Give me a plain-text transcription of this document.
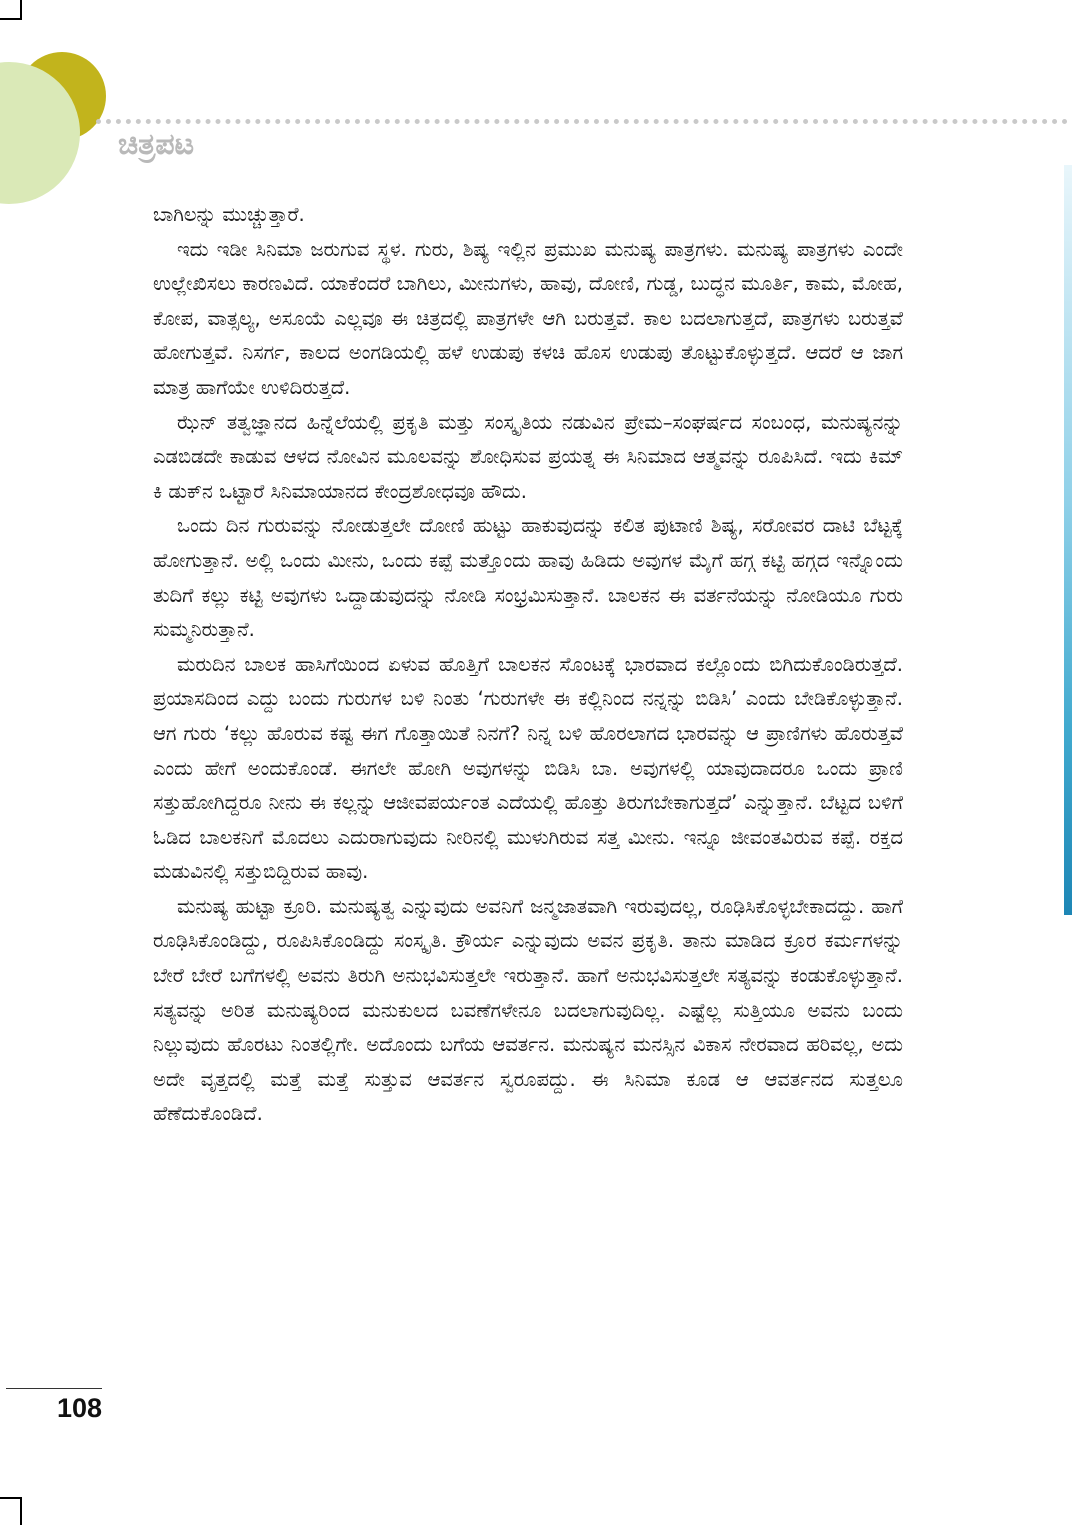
ಚಿತ್ರಪಟ

ಬಾಗಿಲನ್ನು ಮುಚ್ಚುತ್ತಾರೆ.

ಇದು ಇಡೀ ಸಿನಿಮಾ ಜರುಗುವ ಸ್ಥಳ. ಗುರು, ಶಿಷ್ಯ ಇಲ್ಲಿನ ಪ್ರಮುಖ ಮನುಷ್ಯ ಪಾತ್ರಗಳು. ಮನುಷ್ಯ ಪಾತ್ರಗಳು ಎಂದೇ ಉಲ್ಲೇಖಿಸಲು ಕಾರಣವಿದೆ. ಯಾಕೆಂದರೆ ಬಾಗಿಲು, ಮೀನುಗಳು, ಹಾವು, ದೋಣಿ, ಗುಡ್ಡ, ಬುದ್ಧನ ಮೂರ್ತಿ, ಕಾಮ, ಮೋಹ, ಕೋಪ, ವಾತ್ಸಲ್ಯ, ಅಸೂಯೆ ಎಲ್ಲವೂ ಈ ಚಿತ್ರದಲ್ಲಿ ಪಾತ್ರಗಳೇ ಆಗಿ ಬರುತ್ತವೆ. ಕಾಲ ಬದಲಾಗುತ್ತದೆ, ಪಾತ್ರಗಳು ಬರುತ್ತವೆ ಹೋಗುತ್ತವೆ. ನಿಸರ್ಗ, ಕಾಲದ ಅಂಗಡಿಯಲ್ಲಿ ಹಳೆ ಉಡುಪು ಕಳಚಿ ಹೊಸ ಉಡುಪು ತೊಟ್ಟುಕೊಳ್ಳುತ್ತದೆ. ಆದರೆ ಆ ಜಾಗ ಮಾತ್ರ ಹಾಗೆಯೇ ಉಳಿದಿರುತ್ತದೆ.

ಝೆನ್ ತತ್ವಜ್ಞಾನದ ಹಿನ್ನೆಲೆಯಲ್ಲಿ ಪ್ರಕೃತಿ ಮತ್ತು ಸಂಸ್ಕೃತಿಯ ನಡುವಿನ ಪ್ರೇಮ–ಸಂಘರ್ಷದ ಸಂಬಂಧ, ಮನುಷ್ಯನನ್ನು ಎಡಬಿಡದೇ ಕಾಡುವ ಆಳದ ನೋವಿನ ಮೂಲವನ್ನು ಶೋಧಿಸುವ ಪ್ರಯತ್ನ ಈ ಸಿನಿಮಾದ ಆತ್ಮವನ್ನು ರೂಪಿಸಿದೆ. ಇದು ಕಿಮ್ ಕಿ ಡುಕ್‌ನ ಒಟ್ಟಾರೆ ಸಿನಿಮಾಯಾನದ ಕೇಂದ್ರಶೋಧವೂ ಹೌದು.

ಒಂದು ದಿನ ಗುರುವನ್ನು ನೋಡುತ್ತಲೇ ದೋಣಿ ಹುಟ್ಟು ಹಾಕುವುದನ್ನು ಕಲಿತ ಪುಟಾಣಿ ಶಿಷ್ಯ, ಸರೋವರ ದಾಟಿ ಬೆಟ್ಟಕ್ಕೆ ಹೋಗುತ್ತಾನೆ. ಅಲ್ಲಿ ಒಂದು ಮೀನು, ಒಂದು ಕಪ್ಪೆ ಮತ್ತೊಂದು ಹಾವು ಹಿಡಿದು ಅವುಗಳ ಮೈಗೆ ಹಗ್ಗ ಕಟ್ಟಿ ಹಗ್ಗದ ಇನ್ನೊಂದು ತುದಿಗೆ ಕಲ್ಲು ಕಟ್ಟಿ ಅವುಗಳು ಒದ್ದಾಡುವುದನ್ನು ನೋಡಿ ಸಂಭ್ರಮಿಸುತ್ತಾನೆ. ಬಾಲಕನ ಈ ವರ್ತನೆಯನ್ನು ನೋಡಿಯೂ ಗುರು ಸುಮ್ಮನಿರುತ್ತಾನೆ.

ಮರುದಿನ ಬಾಲಕ ಹಾಸಿಗೆಯಿಂದ ಏಳುವ ಹೊತ್ತಿಗೆ ಬಾಲಕನ ಸೊಂಟಕ್ಕೆ ಭಾರವಾದ ಕಲ್ಲೊಂದು ಬಿಗಿದುಕೊಂಡಿರುತ್ತದೆ. ಪ್ರಯಾಸದಿಂದ ಎದ್ದು ಬಂದು ಗುರುಗಳ ಬಳಿ ನಿಂತು ‘ಗುರುಗಳೇ ಈ ಕಲ್ಲಿನಿಂದ ನನ್ನನ್ನು ಬಿಡಿಸಿ’ ಎಂದು ಬೇಡಿಕೊಳ್ಳುತ್ತಾನೆ. ಆಗ ಗುರು ‘ಕಲ್ಲು ಹೊರುವ ಕಷ್ಟ ಈಗ ಗೊತ್ತಾಯಿತೆ ನಿನಗೆ? ನಿನ್ನ ಬಳಿ ಹೊರಲಾಗದ ಭಾರವನ್ನು ಆ ಪ್ರಾಣಿಗಳು ಹೊರುತ್ತವೆ ಎಂದು ಹೇಗೆ ಅಂದುಕೊಂಡೆ. ಈಗಲೇ ಹೋಗಿ ಅವುಗಳನ್ನು ಬಿಡಿಸಿ ಬಾ. ಅವುಗಳಲ್ಲಿ ಯಾವುದಾದರೂ ಒಂದು ಪ್ರಾಣಿ ಸತ್ತುಹೋಗಿದ್ದರೂ ನೀನು ಈ ಕಲ್ಲನ್ನು ಆಜೀವಪರ್ಯಂತ ಎದೆಯಲ್ಲಿ ಹೊತ್ತು ತಿರುಗಬೇಕಾಗುತ್ತದೆ’ ಎನ್ನುತ್ತಾನೆ. ಬೆಟ್ಟದ ಬಳಿಗೆ ಓಡಿದ ಬಾಲಕನಿಗೆ ಮೊದಲು ಎದುರಾಗುವುದು ನೀರಿನಲ್ಲಿ ಮುಳುಗಿರುವ ಸತ್ತ ಮೀನು. ಇನ್ನೂ ಜೀವಂತವಿರುವ ಕಪ್ಪೆ. ರಕ್ತದ ಮಡುವಿನಲ್ಲಿ ಸತ್ತುಬಿದ್ದಿರುವ ಹಾವು.

ಮನುಷ್ಯ ಹುಟ್ಟಾ ಕ್ರೂರಿ. ಮನುಷ್ಯತ್ವ ಎನ್ನುವುದು ಅವನಿಗೆ ಜನ್ಮಜಾತವಾಗಿ ಇರುವುದಲ್ಲ, ರೂಢಿಸಿಕೊಳ್ಳಬೇಕಾದದ್ದು. ಹಾಗೆ ರೂಢಿಸಿಕೊಂಡಿದ್ದು, ರೂಪಿಸಿಕೊಂಡಿದ್ದು ಸಂಸ್ಕೃತಿ. ಕ್ರೌರ್ಯ ಎನ್ನುವುದು ಅವನ ಪ್ರಕೃತಿ. ತಾನು ಮಾಡಿದ ಕ್ರೂರ ಕರ್ಮಗಳನ್ನು ಬೇರೆ ಬೇರೆ ಬಗೆಗಳಲ್ಲಿ ಅವನು ತಿರುಗಿ ಅನುಭವಿಸುತ್ತಲೇ ಇರುತ್ತಾನೆ. ಹಾಗೆ ಅನುಭವಿಸುತ್ತಲೇ ಸತ್ಯವನ್ನು ಕಂಡುಕೊಳ್ಳುತ್ತಾನೆ. ಸತ್ಯವನ್ನು ಅರಿತ ಮನುಷ್ಯರಿಂದ ಮನುಕುಲದ ಬವಣೆಗಳೇನೂ ಬದಲಾಗುವುದಿಲ್ಲ. ಎಷ್ಟೆಲ್ಲ ಸುತ್ತಿಯೂ ಅವನು ಬಂದು ನಿಲ್ಲುವುದು ಹೊರಟು ನಿಂತಲ್ಲಿಗೇ. ಅದೊಂದು ಬಗೆಯ ಆವರ್ತನ. ಮನುಷ್ಯನ ಮನಸ್ಸಿನ ವಿಕಾಸ ನೇರವಾದ ಹರಿವಲ್ಲ, ಅದು ಅದೇ ವೃತ್ತದಲ್ಲಿ ಮತ್ತೆ ಮತ್ತೆ ಸುತ್ತುವ ಆವರ್ತನ ಸ್ವರೂಪದ್ದು. ಈ ಸಿನಿಮಾ ಕೂಡ ಆ ಆವರ್ತನದ ಸುತ್ತಲೂ ಹೆಣೆದುಕೊಂಡಿದೆ.

108
